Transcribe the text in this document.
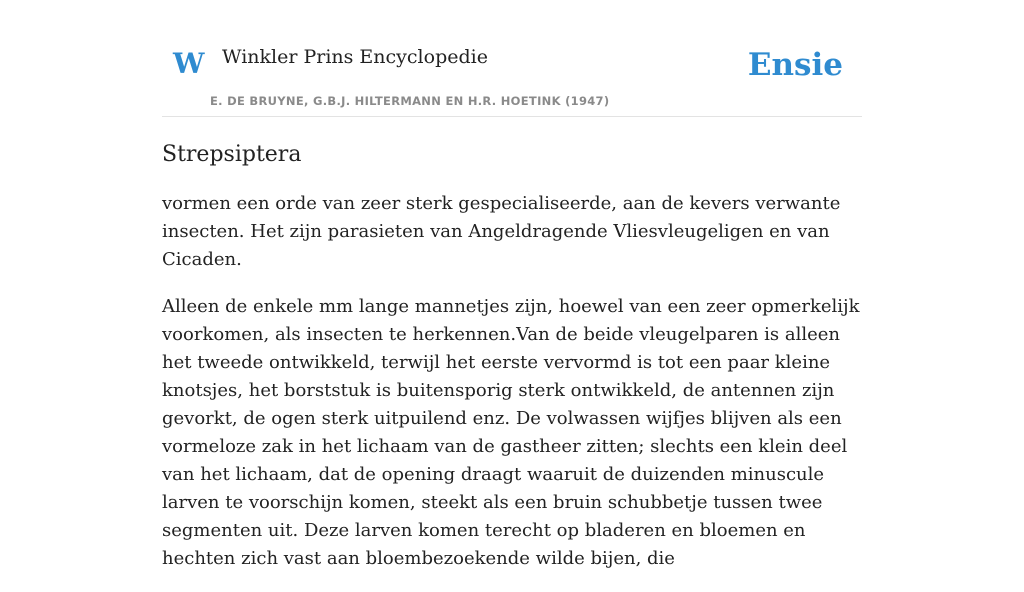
W Winkler Prins Encyclopedie
E. DE BRUYNE, G.B.J. HILTERMANN EN H.R. HOETINK (1947)
Ensie
Strepsiptera

vormen een orde van zeer sterk gespecialiseerde, aan de kevers verwante insecten. Het zijn parasieten van Angeldragende Vliesvleugeligen en van Cicaden.

Alleen de enkele mm lange mannetjes zijn, hoewel van een zeer opmerkelijk voorkomen, als insecten te herkennen.Van de beide vleugelparen is alleen het tweede ontwikkeld, terwijl het eerste vervormd is tot een paar kleine knotsjes, het borststuk is buitensporig sterk ontwikkeld, de antennen zijn gevorkt, de ogen sterk uitpuilend enz. De volwassen wijfjes blijven als een vormeloze zak in het lichaam van de gastheer zitten; slechts een klein deel van het lichaam, dat de opening draagt waaruit de duizenden minuscule larven te voorschijn komen, steekt als een bruin schubbetje tussen twee segmenten uit. Deze larven komen terecht op bladeren en bloemen en hechten zich vast aan bloembezoekende wilde bijen, die
